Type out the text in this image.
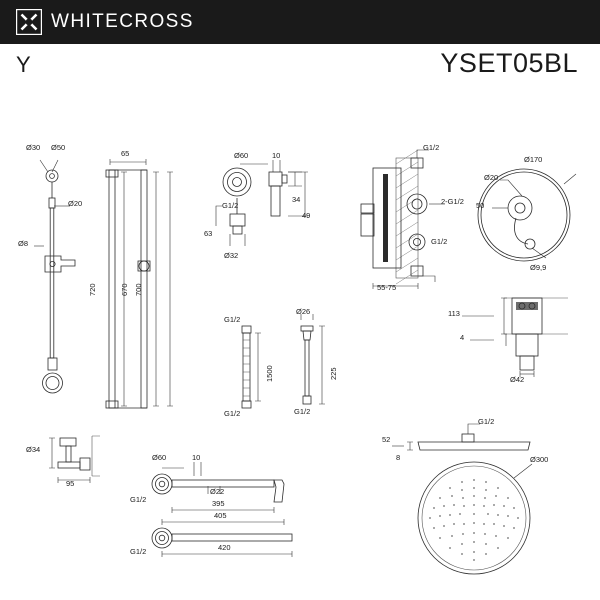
WHITECROSS
Y	YSET05BL
Ø30 Ø50
Ø20
Ø8
65
720	670 700
Ø60	10
34
49
63
Ø32
G1/2
G1/2
G1/2
2-G1/2
55-75
Ø170
Ø20
50
Ø9,9
113
4
Ø42
G1/2
1500
G1/2
Ø26
225
G1/2
Ø34
95
Ø60	10
Ø22
395
405
420
G1/2
G1/2
G1/2
52
8	Ø300
